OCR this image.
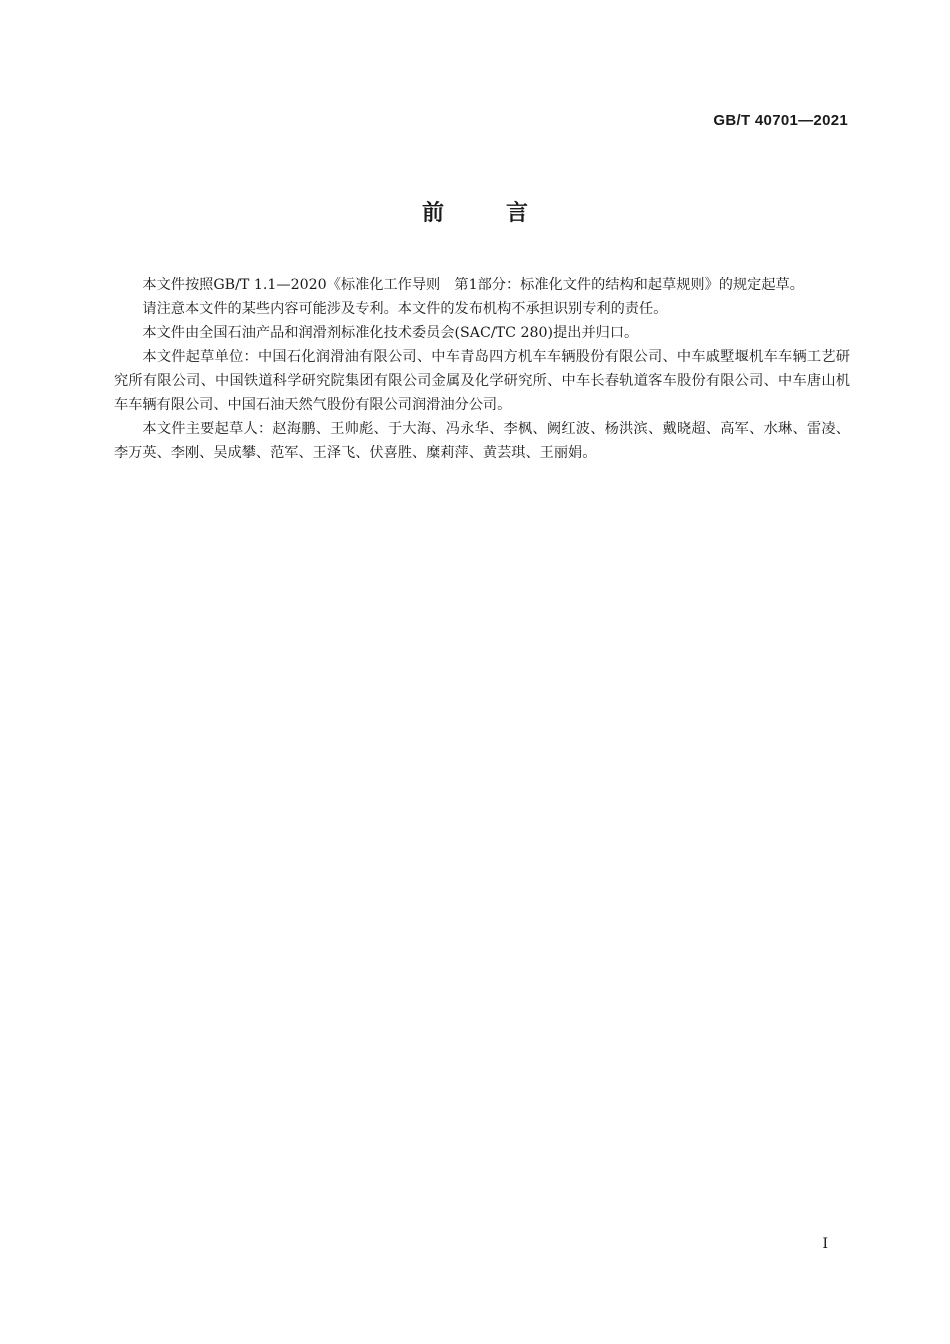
GB/T 40701—2021
前言

本文件按照GB/T 1.1—2020《标准化工作导则　第1部分：标准化文件的结构和起草规则》的规定起草。

请注意本文件的某些内容可能涉及专利。本文件的发布机构不承担识别专利的责任。

本文件由全国石油产品和润滑剂标准化技术委员会(SAC/TC 280)提出并归口。

本文件起草单位：中国石化润滑油有限公司、中车青岛四方机车车辆股份有限公司、中车戚墅堰机车车辆工艺研究所有限公司、中国铁道科学研究院集团有限公司金属及化学研究所、中车长春轨道客车股份有限公司、中车唐山机车车辆有限公司、中国石油天然气股份有限公司润滑油分公司。

本文件主要起草人：赵海鹏、王帅彪、于大海、冯永华、李枫、阙红波、杨洪滨、戴晓超、高军、水琳、雷凌、李万英、李刚、吴成攀、范军、王泽飞、伏喜胜、糜莉萍、黄芸琪、王丽娟。

I
